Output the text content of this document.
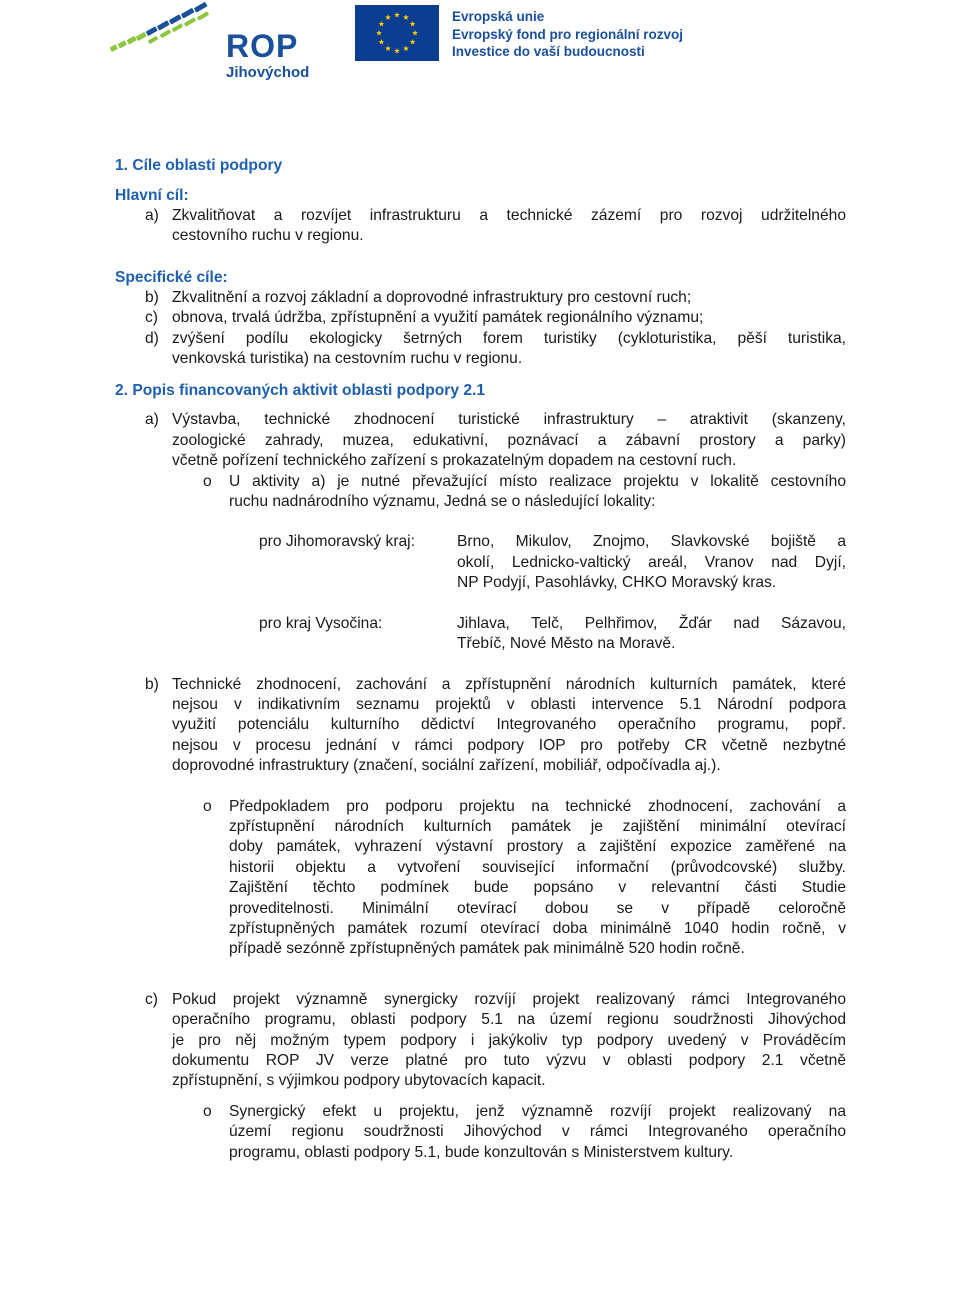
ROP
Jihovýchod
Evropská unie
Evropský fond pro regionální rozvoj
Investice do vaší budoucnosti
1. Cíle oblasti podpory
Hlavní cíl:
a) Zkvalitňovat a rozvíjet infrastrukturu a technické zázemí pro rozvoj udržitelného
cestovního ruchu v regionu.
Specifické cíle:
b) Zkvalitnění a rozvoj základní a doprovodné infrastruktury pro cestovní ruch;
c) obnova, trvalá údržba, zpřístupnění a využití památek regionálního významu;
d) zvýšení podílu ekologicky šetrných forem turistiky (cykloturistika, pěší turistika,
venkovská turistika) na cestovním ruchu v regionu.
2. Popis financovaných aktivit oblasti podpory 2.1
a) Výstavba, technické zhodnocení turistické infrastruktury – atraktivit (skanzeny,
zoologické zahrady, muzea, edukativní, poznávací a zábavní prostory a parky)
včetně pořízení technického zařízení s prokazatelným dopadem na cestovní ruch.
o U aktivity a) je nutné převažující místo realizace projektu v lokalitě cestovního
ruchu nadnárodního významu, Jedná se o následující lokality:
pro Jihomoravský kraj:	Brno, Mikulov, Znojmo, Slavkovské bojiště a
okolí, Lednicko-valtický areál, Vranov nad Dyjí,
NP Podyjí, Pasohlávky, CHKO Moravský kras.
pro kraj Vysočina:	Jihlava, Telč, Pelhřimov, Žďár nad Sázavou,
Třebíč, Nové Město na Moravě.
b) Technické zhodnocení, zachování a zpřístupnění národních kulturních památek, které
nejsou v indikativním seznamu projektů v oblasti intervence 5.1 Národní podpora
využití potenciálu kulturního dědictví Integrovaného operačního programu, popř.
nejsou v procesu jednání v rámci podpory IOP pro potřeby CR včetně nezbytné
doprovodné infrastruktury (značení, sociální zařízení, mobiliář, odpočívadla aj.).
o Předpokladem pro podporu projektu na technické zhodnocení, zachování a
zpřístupnění národních kulturních památek je zajištění minimální otevírací
doby památek, vyhrazení výstavní prostory a zajištění expozice zaměřené na
historii objektu a vytvoření související informační (průvodcovské) služby.
Zajištění těchto podmínek bude popsáno v relevantní části Studie
proveditelnosti. Minimální otevírací dobou se v případě celoročně
zpřístupněných památek rozumí otevírací doba minimálně 1040 hodin ročně, v
případě sezónně zpřístupněných památek pak minimálně 520 hodin ročně.
c) Pokud projekt významně synergicky rozvíjí projekt realizovaný rámci Integrovaného
operačního programu, oblasti podpory 5.1 na území regionu soudržnosti Jihovýchod
je pro něj možným typem podpory i jakýkoliv typ podpory uvedený v Prováděcím
dokumentu ROP JV verze platné pro tuto výzvu v oblasti podpory 2.1 včetně
zpřístupnění, s výjimkou podpory ubytovacích kapacit.
o Synergický efekt u projektu, jenž významně rozvíjí projekt realizovaný na
území regionu soudržnosti Jihovýchod v rámci Integrovaného operačního
programu, oblasti podpory 5.1, bude konzultován s Ministerstvem kultury.
